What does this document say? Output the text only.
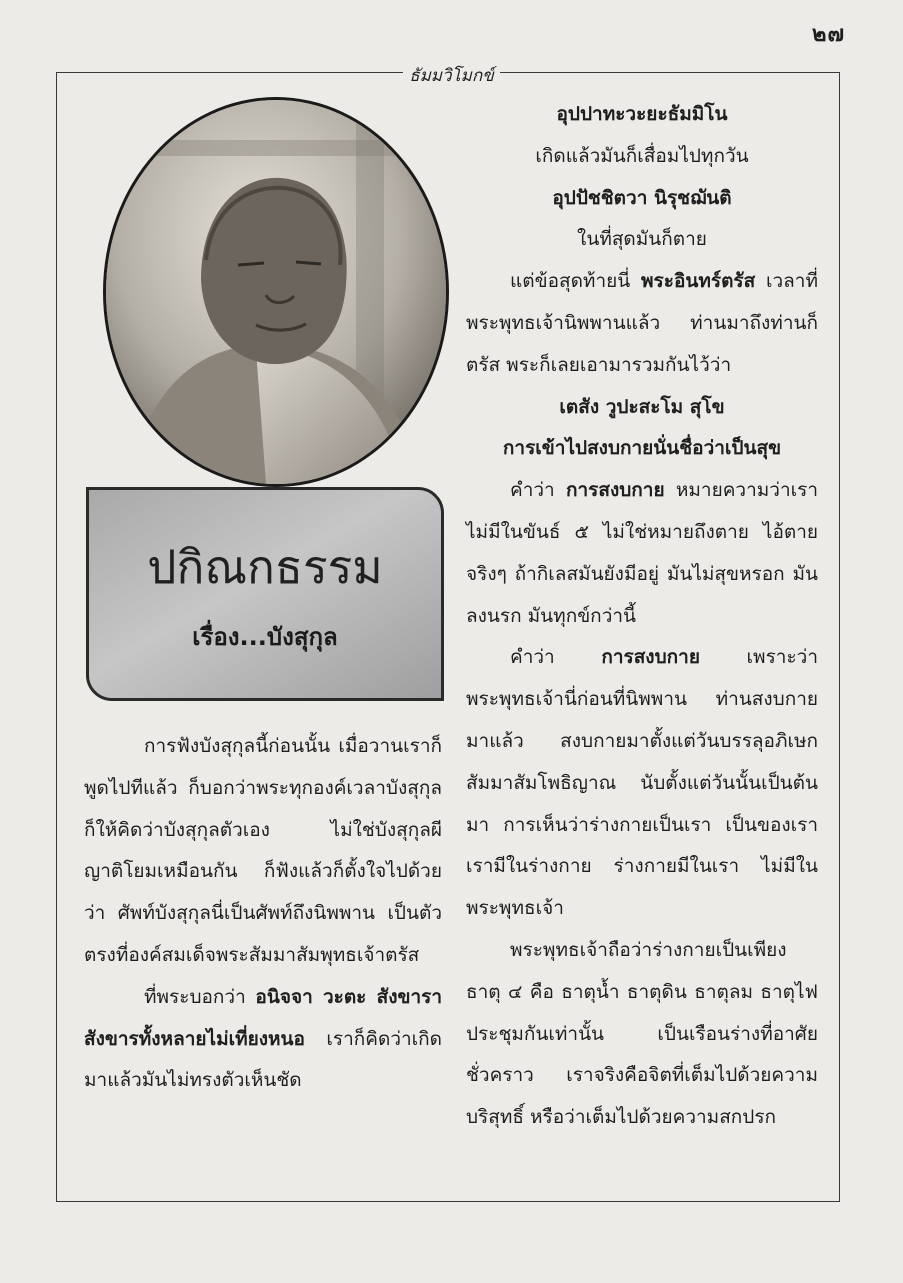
๒๗
ธัมมวิโมกข์
ปกิณกธรรม
เรื่อง...บังสุกุล

การฟังบังสุกุลนี้ก่อนนั้น เมื่อวานเราก็พูดไปทีแล้ว ก็บอกว่าพระทุกองค์เวลาบังสุกุลก็ให้คิดว่าบังสุกุลตัวเอง ไม่ใช่บังสุกุลผี ญาติโยมเหมือนกัน ก็ฟังแล้วก็ตั้งใจไปด้วยว่า ศัพท์บังสุกุลนี่เป็นศัพท์ถึงนิพพาน เป็นตัวตรงที่องค์สมเด็จพระสัมมาสัมพุทธเจ้าตรัส

ที่พระบอกว่า อนิจจา วะตะ สังขารา สังขารทั้งหลายไม่เที่ยงหนอ เราก็คิดว่าเกิดมาแล้วมันไม่ทรงตัวเห็นชัด

อุปปาทะวะยะธัมมิโน

เกิดแล้วมันก็เสื่อมไปทุกวัน

อุปปัชชิตวา นิรุชฌันติ

ในที่สุดมันก็ตาย

แต่ข้อสุดท้ายนี่ พระอินทร์ตรัส เวลาที่พระพุทธเจ้านิพพานแล้ว ท่านมาถึงท่านก็ตรัส พระก็เลยเอามารวมกันไว้ว่า

เตสัง วูปะสะโม สุโข

การเข้าไปสงบกายนั่นชื่อว่าเป็นสุข

คำว่า การสงบกาย หมายความว่าเราไม่มีในขันธ์ ๕ ไม่ใช่หมายถึงตาย ไอ้ตายจริงๆ ถ้ากิเลสมันยังมีอยู่ มันไม่สุขหรอก มันลงนรก มันทุกข์กว่านี้

คำว่า การสงบกาย เพราะว่าพระพุทธเจ้านี่ก่อนที่นิพพาน ท่านสงบกายมาแล้ว สงบกายมาตั้งแต่วันบรรลุอภิเษกสัมมาสัมโพธิญาณ นับตั้งแต่วันนั้นเป็นต้นมา การเห็นว่าร่างกายเป็นเรา เป็นของเรา เรามีในร่างกาย ร่างกายมีในเรา ไม่มีในพระพุทธเจ้า

พระพุทธเจ้าถือว่าร่างกายเป็นเพียงธาตุ ๔ คือ ธาตุน้ำ ธาตุดิน ธาตุลม ธาตุไฟ ประชุมกันเท่านั้น เป็นเรือนร่างที่อาศัยชั่วคราว เราจริงคือจิตที่เต็มไปด้วยความบริสุทธิ์ หรือว่าเต็มไปด้วยความสกปรก
